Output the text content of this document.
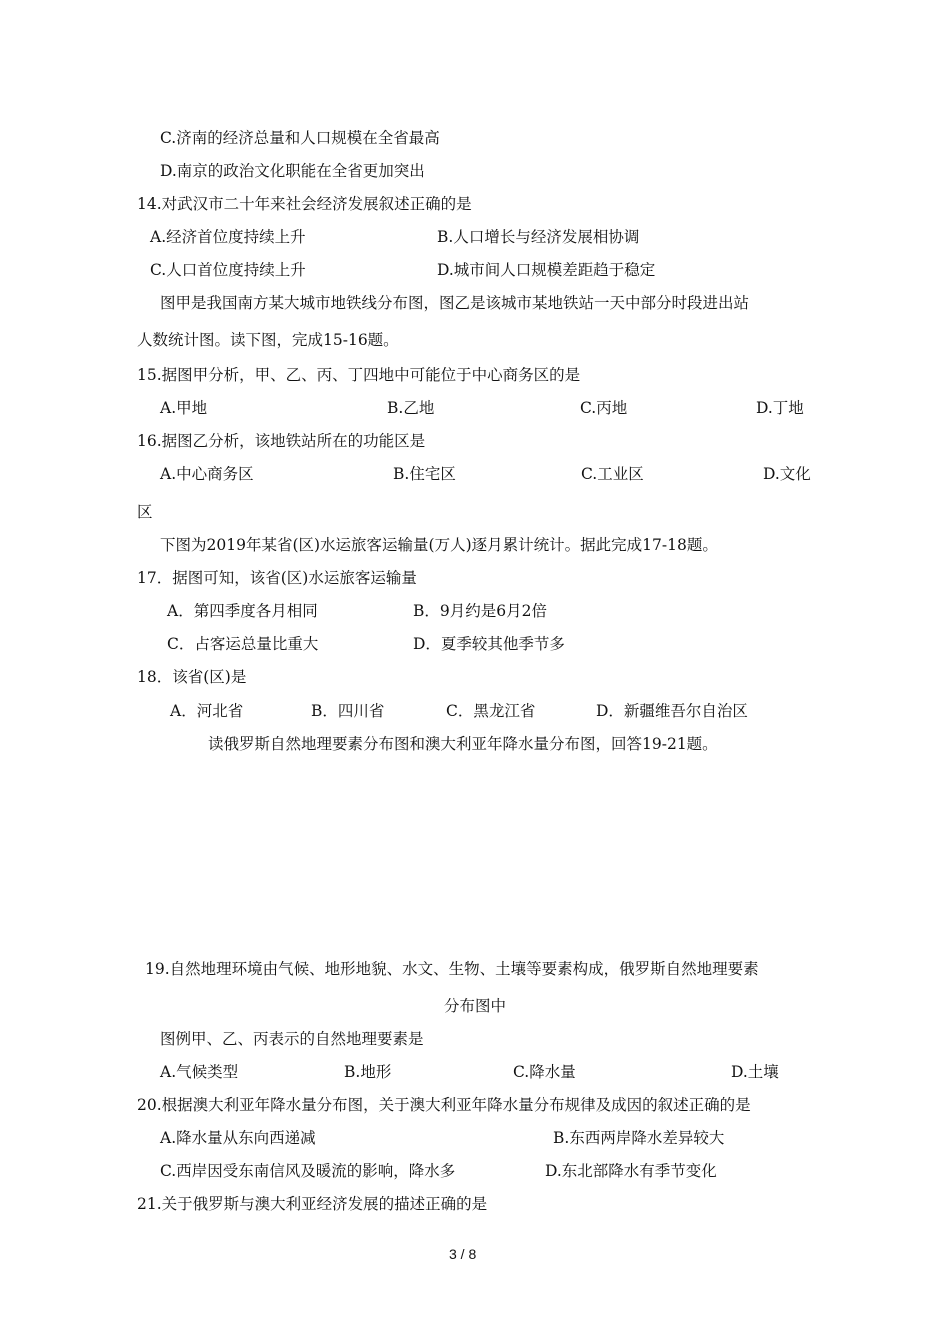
C.济南的经济总量和人口规模在全省最高
D.南京的政治文化职能在全省更加突出
14.对武汉市二十年来社会经济发展叙述正确的是
A.经济首位度持续上升	B.人口增长与经济发展相协调
C.人口首位度持续上升	D.城市间人口规模差距趋于稳定
图甲是我国南方某大城市地铁线分布图，图乙是该城市某地铁站一天中部分时段进出站
人数统计图。读下图，完成15-16题。
15.据图甲分析，甲、乙、丙、丁四地中可能位于中心商务区的是
A.甲地	B.乙地	C.丙地	D.丁地
16.据图乙分析，该地铁站所在的功能区是
A.中心商务区	B.住宅区	C.工业区	D.文化
区
下图为2019年某省(区)水运旅客运输量(万人)逐月累计统计。据此完成17-18题。
17．据图可知，该省(区)水运旅客运输量
A．第四季度各月相同	B．9月约是6月2倍
C．占客运总量比重大	D．夏季较其他季节多
18．该省(区)是
A．河北省	B．四川省	C．黑龙江省	D．新疆维吾尔自治区
读俄罗斯自然地理要素分布图和澳大利亚年降水量分布图，回答19-21题。
19.自然地理环境由气候、地形地貌、水文、生物、土壤等要素构成，俄罗斯自然地理要素
分布图中
图例甲、乙、丙表示的自然地理要素是
A.气候类型	B.地形	C.降水量	D.土壤
20.根据澳大利亚年降水量分布图，关于澳大利亚年降水量分布规律及成因的叙述正确的是
A.降水量从东向西递减	B.东西两岸降水差异较大
C.西岸因受东南信风及暖流的影响，降水多	D.东北部降水有季节变化
21.关于俄罗斯与澳大利亚经济发展的描述正确的是
3 / 8
